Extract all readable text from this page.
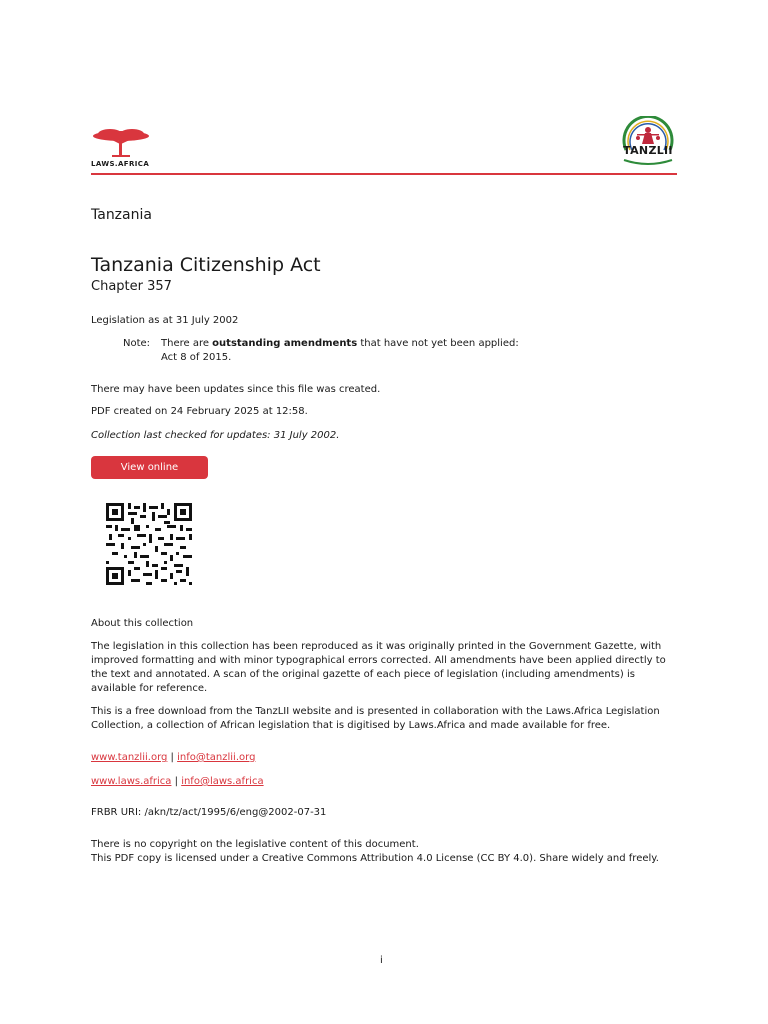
LAWS.AFRICA
TANZLII
Tanzania
Tanzania Citizenship Act
Chapter 357
Legislation as at 31 July 2002
Note: There are outstanding amendments that have not yet been applied:
Act 8 of 2015.
There may have been updates since this file was created.
PDF created on 24 February 2025 at 12:58.
Collection last checked for updates: 31 July 2002.
View online
About this collection
The legislation in this collection has been reproduced as it was originally printed in the Government Gazette, with improved formatting and with minor typographical errors corrected. All amendments have been applied directly to the text and annotated. A scan of the original gazette of each piece of legislation (including amendments) is available for reference.
This is a free download from the TanzLII website and is presented in collaboration with the Laws.Africa Legislation Collection, a collection of African legislation that is digitised by Laws.Africa and made available for free.
www.tanzlii.org | info@tanzlii.org
www.laws.africa | info@laws.africa
FRBR URI: /akn/tz/act/1995/6/eng@2002-07-31
There is no copyright on the legislative content of this document.
This PDF copy is licensed under a Creative Commons Attribution 4.0 License (CC BY 4.0). Share widely and freely.
i
